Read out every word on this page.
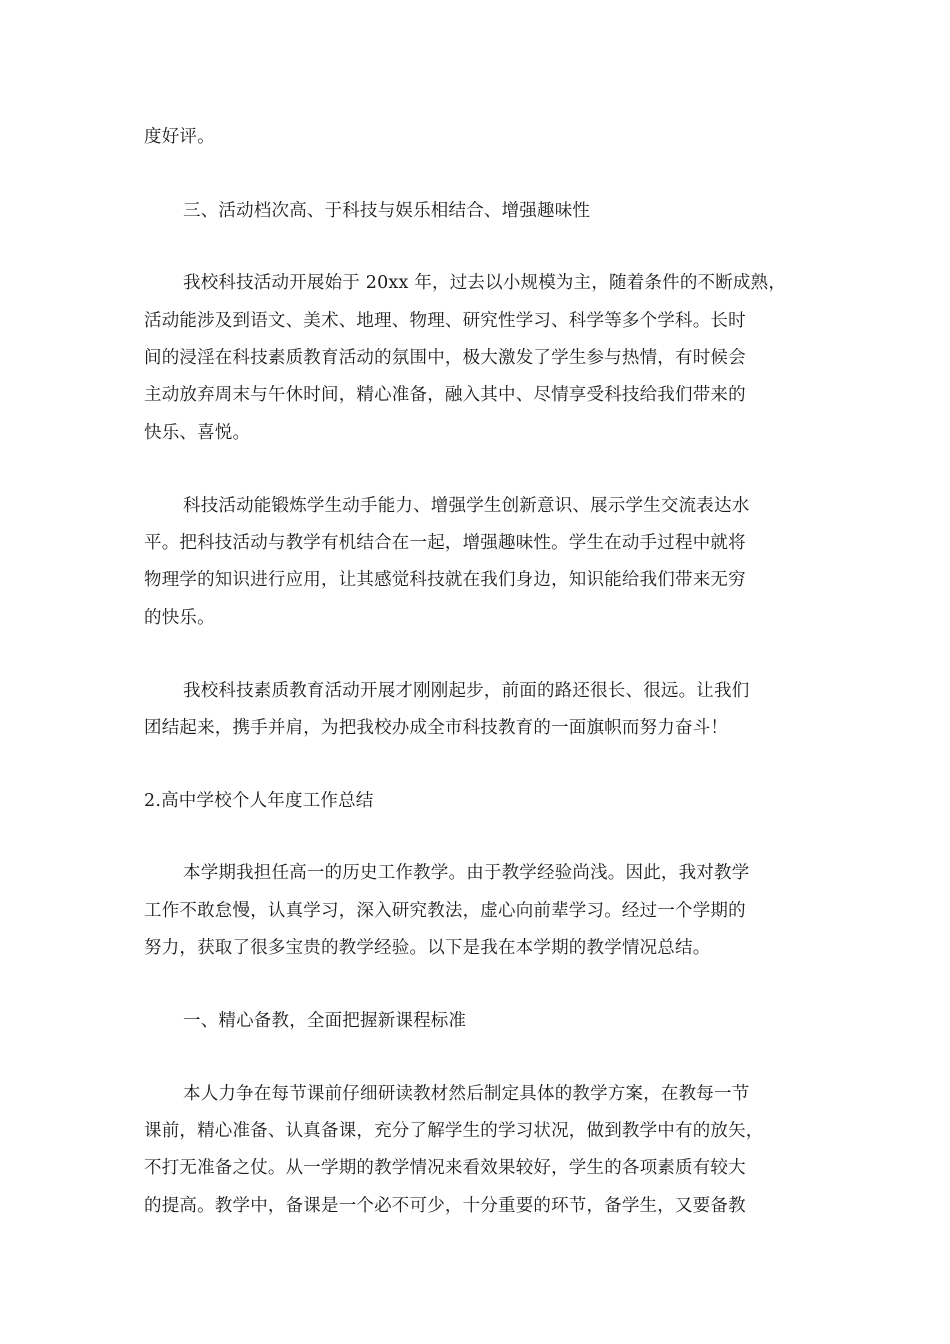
度好评。
三、活动档次高、于科技与娱乐相结合、增强趣味性
我校科技活动开展始于 20xx 年，过去以小规模为主，随着条件的不断成熟，
活动能涉及到语文、美术、地理、物理、研究性学习、科学等多个学科。长时
间的浸淫在科技素质教育活动的氛围中，极大激发了学生参与热情，有时候会
主动放弃周末与午休时间，精心准备，融入其中、尽情享受科技给我们带来的
快乐、喜悦。
科技活动能锻炼学生动手能力、增强学生创新意识、展示学生交流表达水
平。把科技活动与教学有机结合在一起，增强趣味性。学生在动手过程中就将
物理学的知识进行应用，让其感觉科技就在我们身边，知识能给我们带来无穷
的快乐。
我校科技素质教育活动开展才刚刚起步，前面的路还很长、很远。让我们
团结起来，携手并肩，为把我校办成全市科技教育的一面旗帜而努力奋斗！
2.高中学校个人年度工作总结
本学期我担任高一的历史工作教学。由于教学经验尚浅。因此，我对教学
工作不敢怠慢，认真学习，深入研究教法，虚心向前辈学习。经过一个学期的
努力，获取了很多宝贵的教学经验。以下是我在本学期的教学情况总结。
一、精心备教，全面把握新课程标准
本人力争在每节课前仔细研读教材然后制定具体的教学方案，在教每一节
课前，精心准备、认真备课，充分了解学生的学习状况，做到教学中有的放矢，
不打无准备之仗。从一学期的教学情况来看效果较好，学生的各项素质有较大
的提高。教学中，备课是一个必不可少，十分重要的环节，备学生，又要备教
